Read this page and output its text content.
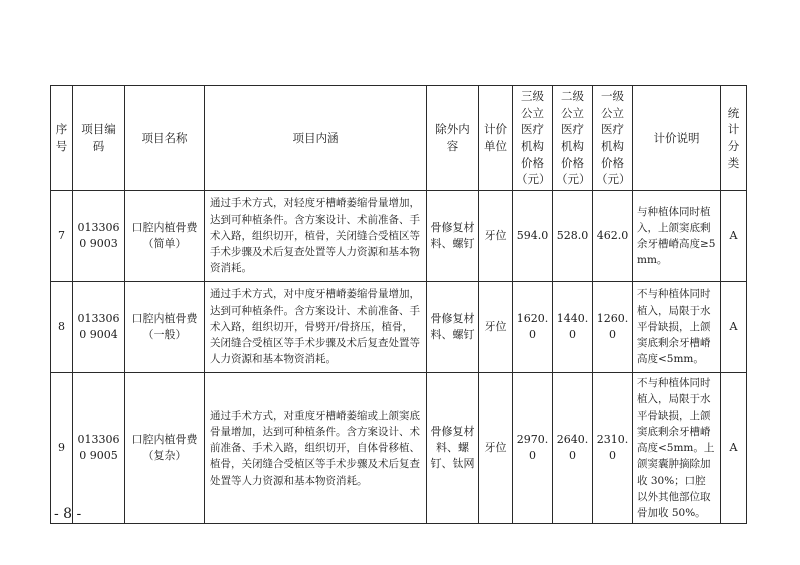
序号	项目编码	项目名称	项目内涵	除外内容	计价单位	三级公立医疗机构价格（元）	二级公立医疗机构价格（元）	一级公立医疗机构价格（元）	计价说明	统计分类
7	0133060 9003	口腔内植骨费（简单）	通过手术方式，对轻度牙槽嵴萎缩骨量增加，达到可种植条件。含方案设计、术前准备、手术入路，组织切开，植骨，关闭缝合受植区等手术步骤及术后复查处置等人力资源和基本物资消耗。	骨修复材料、螺钉	牙位	594.0	528.0	462.0	与种植体同时植入，上颌窦底剩余牙槽嵴高度≥5mm。	A
8	0133060 9004	口腔内植骨费（一般）	通过手术方式，对中度牙槽嵴萎缩骨量增加，达到可种植条件。含方案设计、术前准备、手术入路，组织切开，骨劈开/骨挤压，植骨，关闭缝合受植区等手术步骤及术后复查处置等人力资源和基本物资消耗。	骨修复材料、螺钉	牙位	1620.0	1440.0	1260.0	不与种植体同时植入，局限于水平骨缺损，上颌窦底剩余牙槽嵴高度<5mm。	A
9	0133060 9005	口腔内植骨费（复杂）	通过手术方式，对重度牙槽嵴萎缩或上颌窦底骨量增加，达到可种植条件。含方案设计、术前准备、手术入路，组织切开，自体骨移植、植骨，关闭缝合受植区等手术步骤及术后复查处置等人力资源和基本物资消耗。	骨修复材料、螺钉、钛网	牙位	2970.0	2640.0	2310.0	不与种植体同时植入，局限于水平骨缺损，上颌窦底剩余牙槽嵴高度<5mm。上颌窦囊肿摘除加收 30%；口腔以外其他部位取骨加收 50%。	A
- 8 -
